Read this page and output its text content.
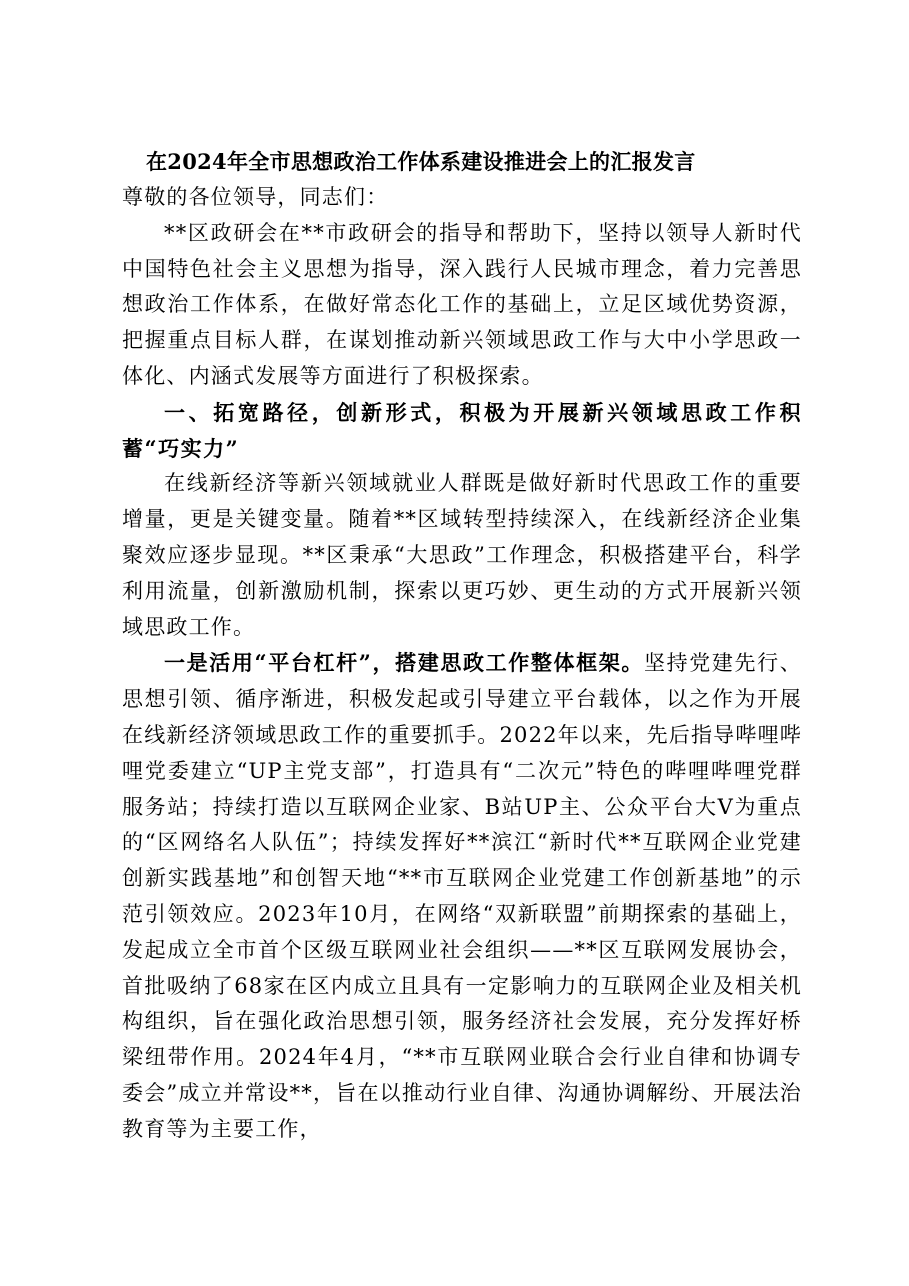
在2024年全市思想政治工作体系建设推进会上的汇报发言
尊敬的各位领导，同志们：

**区政研会在**市政研会的指导和帮助下，坚持以领导人新时代中国特色社会主义思想为指导，深入践行人民城市理念，着力完善思想政治工作体系，在做好常态化工作的基础上，立足区域优势资源，把握重点目标人群，在谋划推动新兴领域思政工作与大中小学思政一体化、内涵式发展等方面进行了积极探索。

一、拓宽路径，创新形式，积极为开展新兴领域思政工作积蓄“巧实力”

在线新经济等新兴领域就业人群既是做好新时代思政工作的重要增量，更是关键变量。随着**区域转型持续深入，在线新经济企业集聚效应逐步显现。**区秉承“大思政”工作理念，积极搭建平台，科学利用流量，创新激励机制，探索以更巧妙、更生动的方式开展新兴领域思政工作。

一是活用“平台杠杆”，搭建思政工作整体框架。坚持党建先行、思想引领、循序渐进，积极发起或引导建立平台载体，以之作为开展在线新经济领域思政工作的重要抓手。2022年以来，先后指导哔哩哔哩党委建立“UP主党支部”，打造具有“二次元”特色的哔哩哔哩党群服务站；持续打造以互联网企业家、B站UP主、公众平台大V为重点的“区网络名人队伍”；持续发挥好**滨江“新时代**互联网企业党建创新实践基地”和创智天地“**市互联网企业党建工作创新基地”的示范引领效应。2023年10月，在网络“双新联盟”前期探索的基础上，发起成立全市首个区级互联网业社会组织——**区互联网发展协会，首批吸纳了68家在区内成立且具有一定影响力的互联网企业及相关机构组织，旨在强化政治思想引领，服务经济社会发展，充分发挥好桥梁纽带作用。2024年4月，“**市互联网业联合会行业自律和协调专委会”成立并常设**，旨在以推动行业自律、沟通协调解纷、开展法治教育等为主要工作，
